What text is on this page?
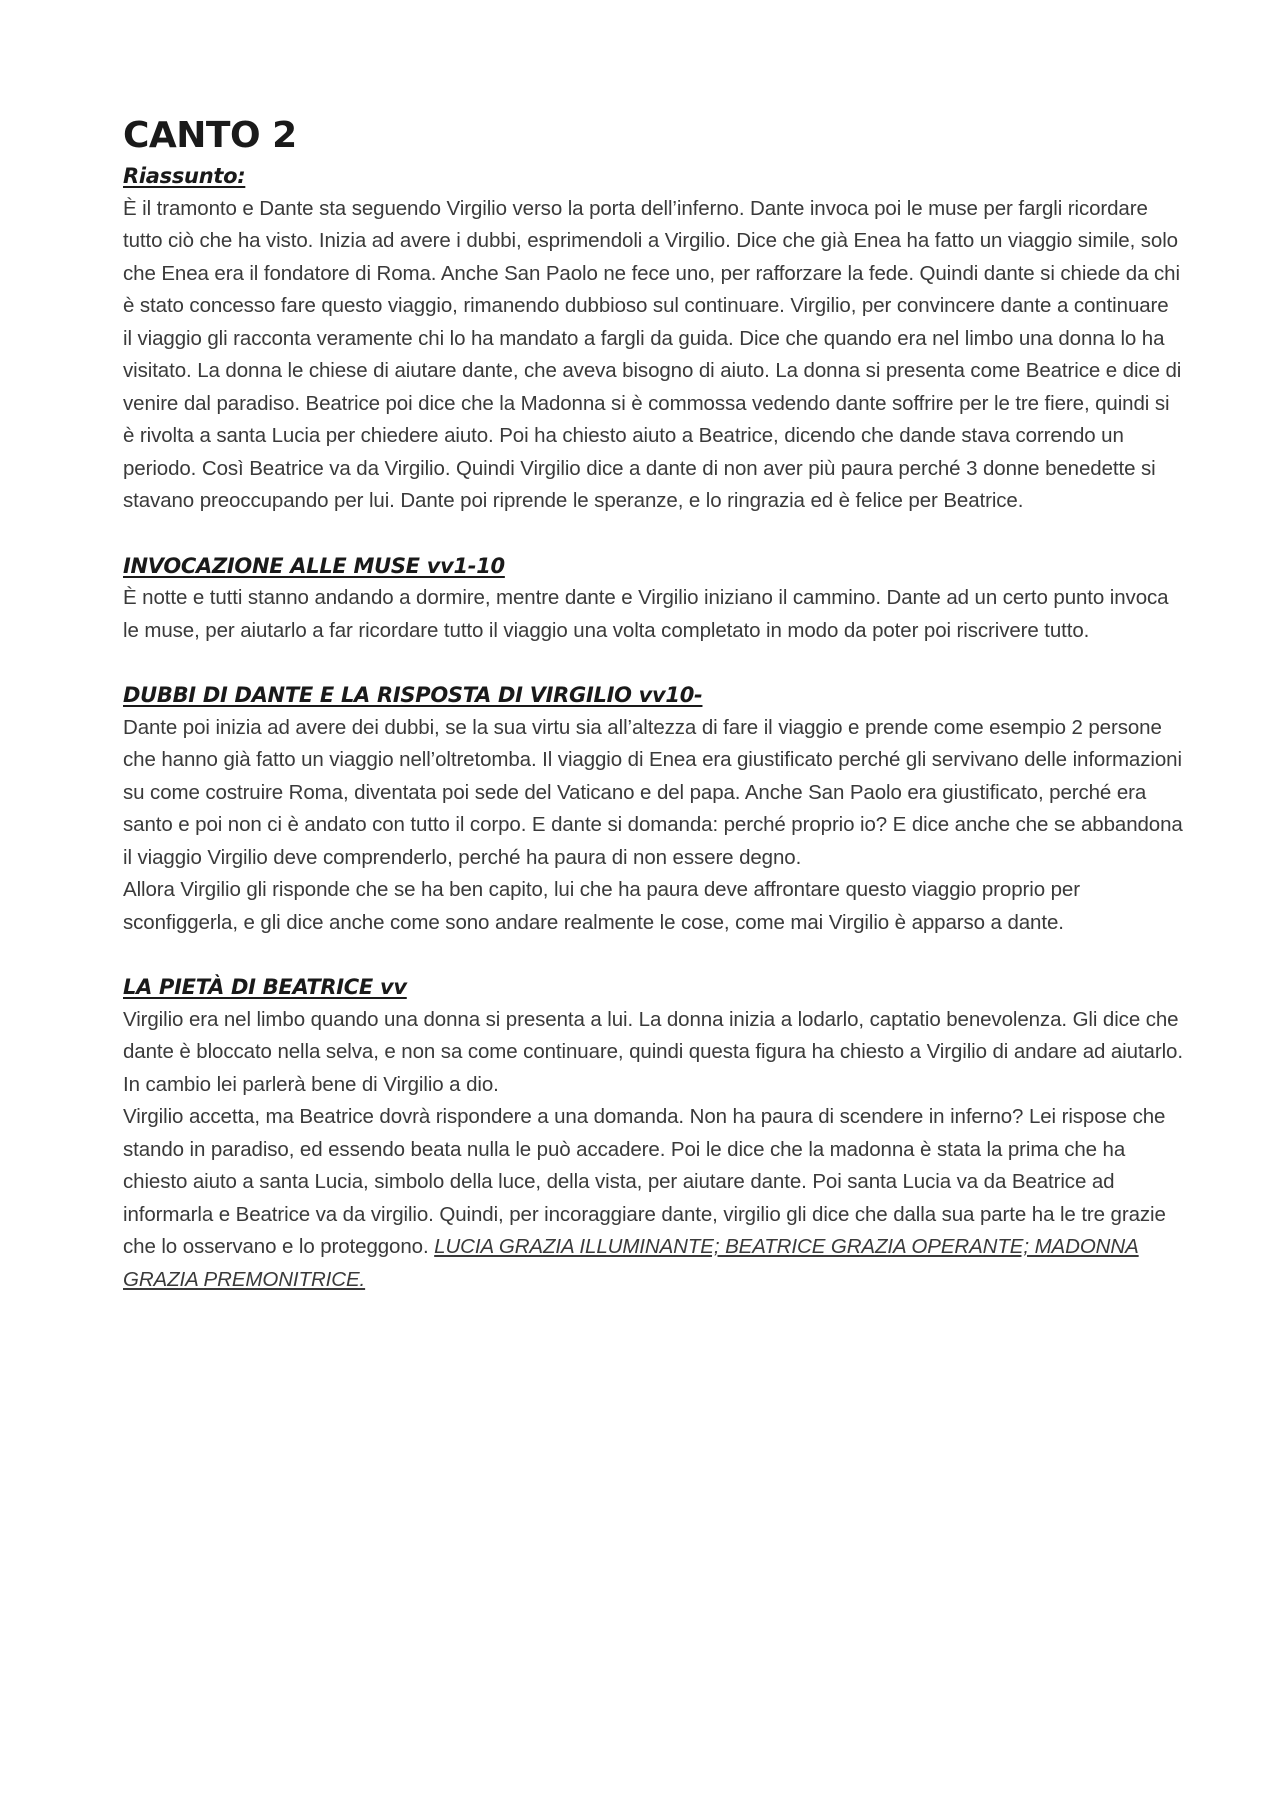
CANTO 2
Riassunto:

È il tramonto e Dante sta seguendo Virgilio verso la porta dell’inferno. Dante invoca poi le muse per fargli ricordare tutto ciò che ha visto. Inizia ad avere i dubbi, esprimendoli a Virgilio. Dice che già Enea ha fatto un viaggio simile, solo che Enea era il fondatore di Roma. Anche San Paolo ne fece uno, per rafforzare la fede. Quindi dante si chiede da chi è stato concesso fare questo viaggio, rimanendo dubbioso sul continuare. Virgilio, per convincere dante a continuare il viaggio gli racconta veramente chi lo ha mandato a fargli da guida. Dice che quando era nel limbo una donna lo ha visitato. La donna le chiese di aiutare dante, che aveva bisogno di aiuto. La donna si presenta come Beatrice e dice di venire dal paradiso. Beatrice poi dice che la Madonna si è commossa vedendo dante soffrire per le tre fiere, quindi si è rivolta a santa Lucia per chiedere aiuto. Poi ha chiesto aiuto a Beatrice, dicendo che dande stava correndo un periodo. Così Beatrice va da Virgilio. Quindi Virgilio dice a dante di non aver più paura perché 3 donne benedette si stavano preoccupando per lui. Dante poi riprende le speranze, e lo ringrazia ed è felice per Beatrice.

INVOCAZIONE ALLE MUSE vv1-10

È notte e tutti stanno andando a dormire, mentre dante e Virgilio iniziano il cammino. Dante ad un certo punto invoca le muse, per aiutarlo a far ricordare tutto il viaggio una volta completato in modo da poter poi riscrivere tutto.

DUBBI DI DANTE E LA RISPOSTA DI VIRGILIO vv10-

Dante poi inizia ad avere dei dubbi, se la sua virtu sia all’altezza di fare il viaggio e prende come esempio 2 persone che hanno già fatto un viaggio nell’oltretomba. Il viaggio di Enea era giustificato perché gli servivano delle informazioni su come costruire Roma, diventata poi sede del Vaticano e del papa. Anche San Paolo era giustificato, perché era santo e poi non ci è andato con tutto il corpo. E dante si domanda: perché proprio io? E dice anche che se abbandona il viaggio Virgilio deve comprenderlo, perché ha paura di non essere degno.

Allora Virgilio gli risponde che se ha ben capito, lui che ha paura deve affrontare questo viaggio proprio per sconfiggerla, e gli dice anche come sono andare realmente le cose, come mai Virgilio è apparso a dante.

LA PIETÀ DI BEATRICE vv

Virgilio era nel limbo quando una donna si presenta a lui. La donna inizia a lodarlo, captatio benevolenza. Gli dice che dante è bloccato nella selva, e non sa come continuare, quindi questa figura ha chiesto a Virgilio di andare ad aiutarlo. In cambio lei parlerà bene di Virgilio a dio.

Virgilio accetta, ma Beatrice dovrà rispondere a una domanda. Non ha paura di scendere in inferno? Lei rispose che stando in paradiso, ed essendo beata nulla le può accadere. Poi le dice che la madonna è stata la prima che ha chiesto aiuto a santa Lucia, simbolo della luce, della vista, per aiutare dante. Poi santa Lucia va da Beatrice ad informarla e Beatrice va da virgilio. Quindi, per incoraggiare dante, virgilio gli dice che dalla sua parte ha le tre grazie che lo osservano e lo proteggono. LUCIA GRAZIA ILLUMINANTE; BEATRICE GRAZIA OPERANTE; MADONNA GRAZIA PREMONITRICE.
